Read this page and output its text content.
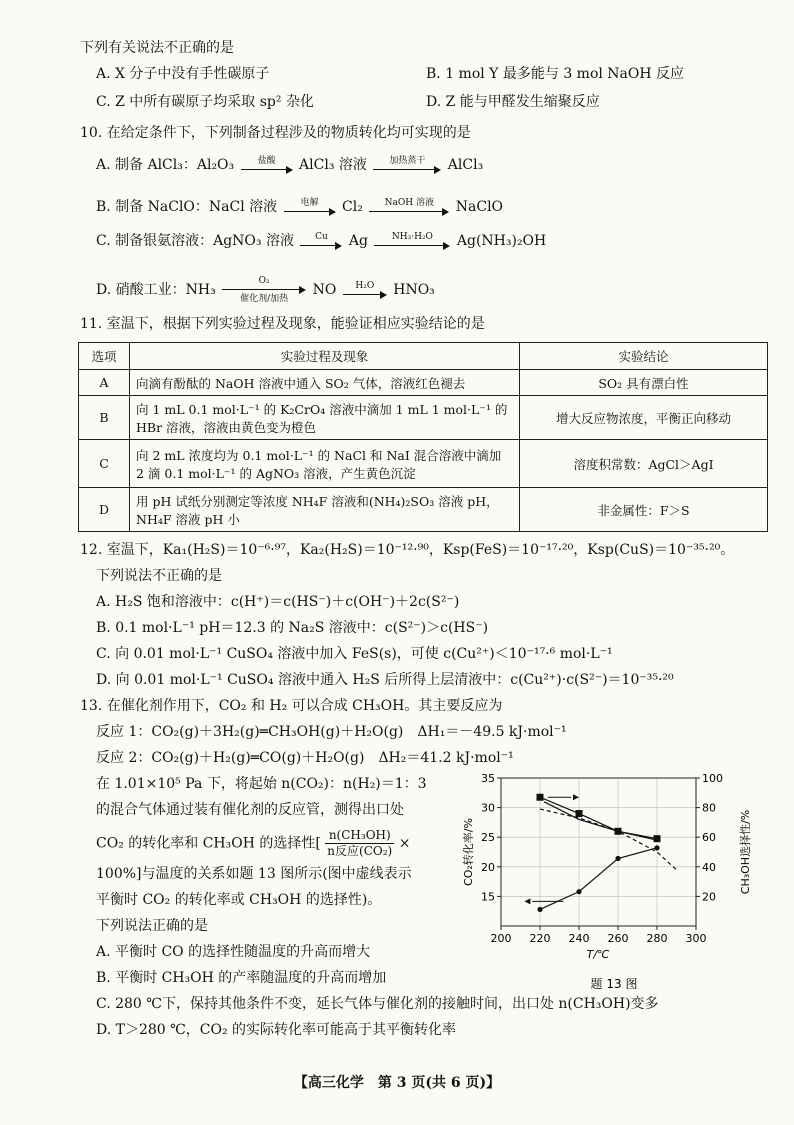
下列有关说法不正确的是
A. X 分子中没有手性碳原子	B. 1 mol Y 最多能与 3 mol NaOH 反应
C. Z 中所有碳原子均采取 sp² 杂化	D. Z 能与甲醛发生缩聚反应
10. 在给定条件下，下列制备过程涉及的物质转化均可实现的是
A. 制备 AlCl₃：Al₂O₃	盐酸	AlCl₃ 溶液	加热蒸干	AlCl₃
B. 制备 NaClO：NaCl 溶液	电解	Cl₂	NaOH 溶液	NaClO
C. 制备银氨溶液：AgNO₃ 溶液	Cu	Ag	NH₃·H₂O	Ag(NH₃)₂OH
D. 硝酸工业：NH₃
O₂
催化剂/加热
NO	H₂O	HNO₃
11. 室温下，根据下列实验过程及现象，能验证相应实验结论的是
选项	实验过程及现象	实验结论
A	向滴有酚酞的 NaOH 溶液中通入 SO₂ 气体，溶液红色褪去	SO₂ 具有漂白性
B	向 1 mL 0.1 mol·L⁻¹ 的 K₂CrO₄ 溶液中滴加 1 mL 1 mol·L⁻¹ 的 HBr 溶液，溶液由黄色变为橙色	增大反应物浓度，平衡正向移动
C	向 2 mL 浓度均为 0.1 mol·L⁻¹ 的 NaCl 和 NaI 混合溶液中滴加 2 滴 0.1 mol·L⁻¹ 的 AgNO₃ 溶液，产生黄色沉淀	溶度积常数：AgCl＞AgI
D	用 pH 试纸分别测定等浓度 NH₄F 溶液和(NH₄)₂SO₃ 溶液 pH，NH₄F 溶液 pH 小	非金属性：F＞S
12. 室温下，Ka₁(H₂S)＝10⁻⁶·⁹⁷，Ka₂(H₂S)＝10⁻¹²·⁹⁰，Ksp(FeS)＝10⁻¹⁷·²⁰，Ksp(CuS)＝10⁻³⁵·²⁰。
下列说法不正确的是
A. H₂S 饱和溶液中：c(H⁺)＝c(HS⁻)＋c(OH⁻)＋2c(S²⁻)
B. 0.1 mol·L⁻¹ pH＝12.3 的 Na₂S 溶液中：c(S²⁻)＞c(HS⁻)
C. 向 0.01 mol·L⁻¹ CuSO₄ 溶液中加入 FeS(s)，可使 c(Cu²⁺)＜10⁻¹⁷·⁶ mol·L⁻¹
D. 向 0.01 mol·L⁻¹ CuSO₄ 溶液中通入 H₂S 后所得上层清液中：c(Cu²⁺)·c(S²⁻)＝10⁻³⁵·²⁰
13. 在催化剂作用下，CO₂ 和 H₂ 可以合成 CH₃OH。其主要反应为
反应 1：CO₂(g)＋3H₂(g)═CH₃OH(g)＋H₂O(g)　ΔH₁＝－49.5 kJ·mol⁻¹
反应 2：CO₂(g)＋H₂(g)═CO(g)＋H₂O(g)　ΔH₂＝41.2 kJ·mol⁻¹
在 1.01×10⁵ Pa 下，将起始 n(CO₂)：n(H₂)＝1：3
的混合气体通过装有催化剂的反应管，测得出口处
CO₂ 的转化率和 CH₃OH 的选择性[
n(CH₃OH)
n反应(CO₂) ×
100%]与温度的关系如题 13 图所示(图中虚线表示
平衡时 CO₂ 的转化率或 CH₃OH 的选择性)。
下列说法正确的是
A. 平衡时 CO 的选择性随温度的升高而增大
B. 平衡时 CH₃OH 的产率随温度的升高而增加
C. 280 ℃下，保持其他条件不变，延长气体与催化剂的接触时间，出口处 n(CH₃OH)变多
D. T＞280 ℃，CO₂ 的实际转化率可能高于其平衡转化率
200 220 240 260 280 300
15
20
25
30
35
20
40
60
80
100
T/℃
CO₂转化率/%	CH₃OH选择性/%
题 13 图
【高三化学　第 3 页(共 6 页)】
